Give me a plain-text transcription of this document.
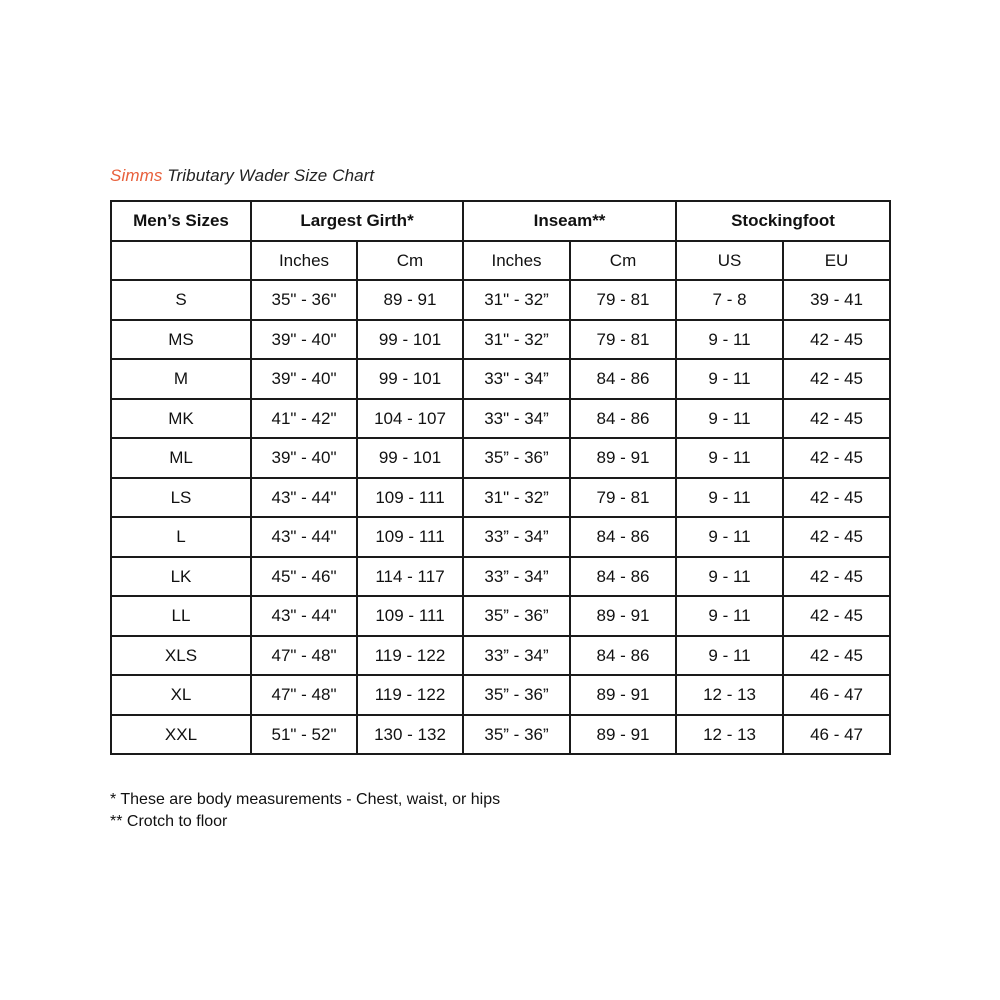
Simms Tributary Wader Size Chart
Men’s Sizes	Largest Girth*		Inseam**		Stockingfoot	
	Inches	Cm	Inches	Cm	US	EU
S	35" - 36"	89 - 91	31" - 32”	79 - 81	7 - 8	39 - 41
MS	39" - 40"	99 - 101	31" - 32”	79 - 81	9 - 11	42 - 45
M	39" - 40"	99 - 101	33" - 34”	84 - 86	9 - 11	42 - 45
MK	41" - 42"	104 - 107	33" - 34”	84 - 86	9 - 11	42 - 45
ML	39" - 40"	99 - 101	35” - 36”	89 - 91	9 - 11	42 - 45
LS	43" - 44"	109 - 111	31" - 32”	79 - 81	9 - 11	42 - 45
L	43" - 44"	109 - 111	33” - 34”	84 - 86	9 - 11	42 - 45
LK	45" - 46"	114 - 117	33” - 34”	84 - 86	9 - 11	42 - 45
LL	43" - 44"	109 - 111	35” - 36”	89 - 91	9 - 11	42 - 45
XLS	47" - 48"	119 - 122	33” - 34”	84 - 86	9 - 11	42 - 45
XL	47" - 48"	119 - 122	35” - 36”	89 - 91	12 - 13	46 - 47
XXL	51" - 52"	130 - 132	35” - 36”	89 - 91	12 - 13	46 - 47
* These are body measurements - Chest, waist, or hips
** Crotch to floor
